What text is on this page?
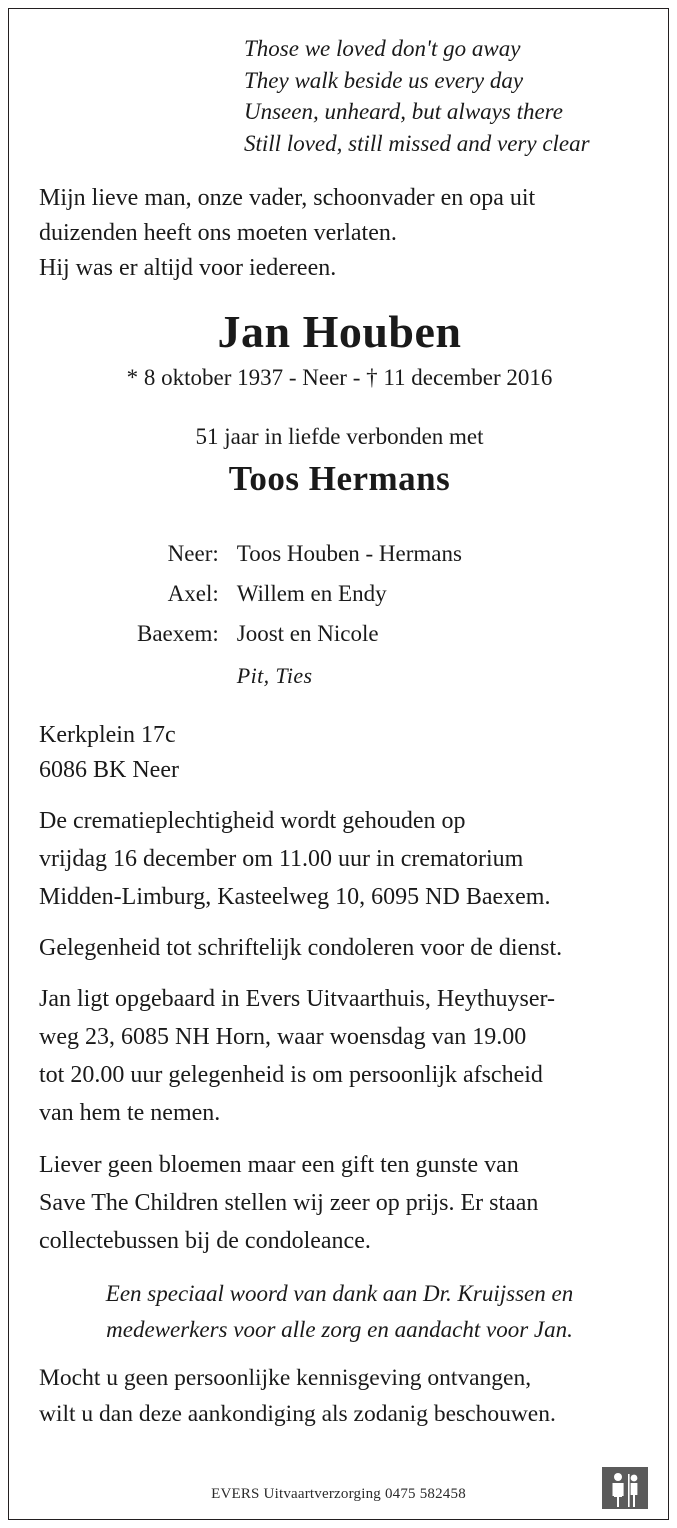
Those we loved don't go away
They walk beside us every day
Unseen, unheard, but always there
Still loved, still missed and very clear
Mijn lieve man, onze vader, schoonvader en opa uit
duizenden heeft ons moeten verlaten.
Hij was er altijd voor iedereen.
Jan Houben
* 8 oktober 1937 - Neer - † 11 december 2016
51 jaar in liefde verbonden met
Toos Hermans
Neer:	Toos Houben - Hermans
Axel:	Willem en Endy
Baexem:	Joost en Nicole
	Pit, Ties
Kerkplein 17c
6086 BK Neer
De crematieplechtigheid wordt gehouden op
vrijdag 16 december om 11.00 uur in crematorium
Midden-Limburg, Kasteelweg 10, 6095 ND Baexem.
Gelegenheid tot schriftelijk condoleren voor de dienst.
Jan ligt opgebaard in Evers Uitvaarthuis, Heythuyser-
weg 23, 6085 NH Horn, waar woensdag van 19.00
tot 20.00 uur gelegenheid is om persoonlijk afscheid
van hem te nemen.
Liever geen bloemen maar een gift ten gunste van
Save The Children stellen wij zeer op prijs. Er staan
collectebussen bij de condoleance.
Een speciaal woord van dank aan Dr. Kruijssen en
medewerkers voor alle zorg en aandacht voor Jan.
Mocht u geen persoonlijke kennisgeving ontvangen,
wilt u dan deze aankondiging als zodanig beschouwen.
EVERS Uitvaartverzorging 0475 582458
